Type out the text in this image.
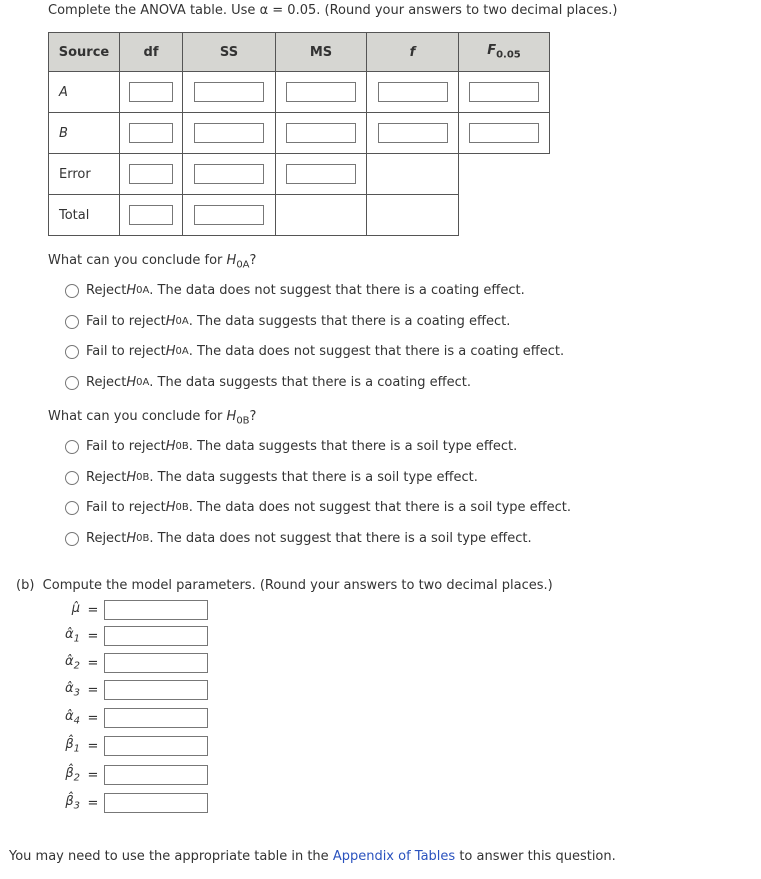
Complete the ANOVA table. Use α = 0.05. (Round your answers to two decimal places.)
Source	df	SS	MS	f	$F_{0.05}$
A	

B	

Error	

Total	

What can you conclude for $H_{0A}$?
Reject H 0A . The data does not suggest that there is a coating effect.
Fail to reject H 0A . The data suggests that there is a coating effect.
Fail to reject H 0A . The data does not suggest that there is a coating effect.
Reject H 0A . The data suggests that there is a coating effect.
What can you conclude for $H_{0B}$?
Fail to reject H 0B . The data suggests that there is a soil type effect.
Reject H 0B . The data suggests that there is a soil type effect.
Fail to reject H 0B . The data does not suggest that there is a soil type effect.
Reject H 0B . The data does not suggest that there is a soil type effect.
(b) Compute the model parameters. (Round your answers to two decimal places.)
μ̂ =
$\alphâ_1$ =
$\alphâ_2$ =
$\alphâ_3$ =
$\alphâ_4$ =
$\betâ_1$ =
$\betâ_2$ =
$\betâ_3$ =
You may need to use the appropriate table in the Appendix of Tables to answer this question.
